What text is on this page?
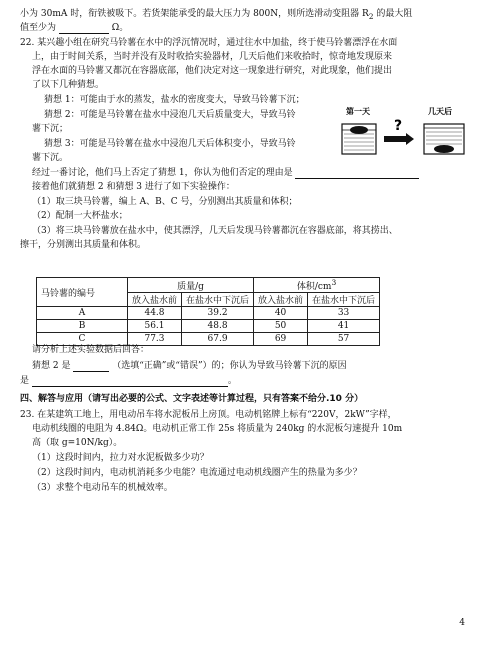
小为 30mA 时，衔铁被吸下。若货架能承受的最大压力为 800N，则所选滑动变阻器 $R_2$ 的最大阻
值至少为	Ω。
22. 某兴趣小组在研究马铃薯在水中的浮沉情况时，通过往水中加盐，终于使马铃薯漂浮在水面
上，由于时间关系，当时并没有及时收拾实验器材，几天后他们来收拾时，惊奇地发现原来
浮在水面的马铃薯又都沉在容器底部，他们决定对这一现象进行研究，对此现象，他们提出
了以下几种猜想。
猜想 1：可能由于水的蒸发，盐水的密度变大，导致马铃薯下沉；
猜想 2：可能是马铃薯在盐水中浸泡几天后质量变大，导致马铃
薯下沉；
猜想 3：可能是马铃薯在盐水中浸泡几天后体积变小，导致马铃
薯下沉。
第一天	几天后
?
经过一番讨论，他们马上否定了猜想 1，你认为他们否定的理由是
接着他们就猜想 2 和猜想 3 进行了如下实验操作：
（1）取三块马铃薯，编上 A、B、C 号，分别测出其质量和体积；
（2）配制一大杯盐水；
（3）将三块马铃薯放在盐水中，使其漂浮，几天后发现马铃薯都沉在容器底部，将其捞出、
擦干，分别测出其质量和体积。
马铃薯的编号	质量/g		体积$/cm^3$
	放入盐水前	在盐水中下沉后	放入盐水前	在盐水中下沉后
A	44.8	39.2	40	33
B	56.1	48.8	50	41
C	77.3	67.9	69	57
请分析上述实验数据后回答：
猜想 2 是	（选填“正确”或“错误”）的；你认为导致马铃薯下沉的原因
是	。
四、解答与应用（请写出必要的公式、文字表述等计算过程，只有答案不给分.10 分）
23. 在某建筑工地上，用电动吊车将水泥板吊上房顶。电动机铭牌上标有“220V，2kW”字样，
电动机线圈的电阻为 4.84Ω。电动机正常工作 25s 将质量为 240kg 的水泥板匀速提升 10m
高（取 g=10N/kg）。
（1）这段时间内，拉力对水泥板做多少功？
（2）这段时间内，电动机消耗多少电能？电流通过电动机线圈产生的热量为多少？
（3）求整个电动吊车的机械效率。
4
